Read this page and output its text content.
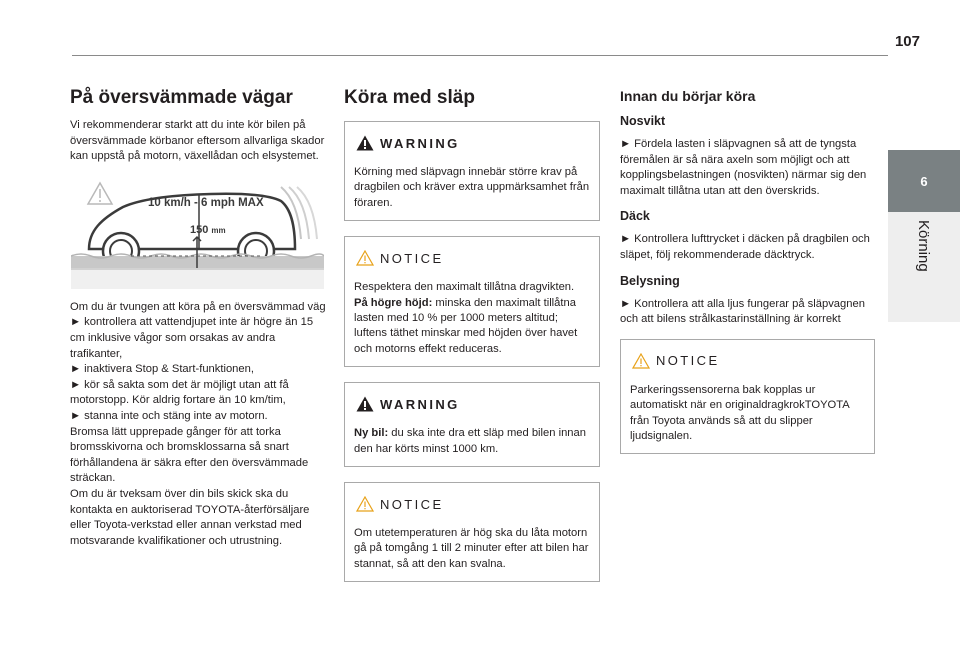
107
6
Körning
På översvämmade vägar

Vi rekommenderar starkt att du inte kör bilen på översvämmade körbanor eftersom allvarliga skador kan uppstå på motorn, växellådan och elsystemet.

10 km/h - 6 mph MAX
150 mm

Om du är tvungen att köra på en översvämmad väg

► kontrollera att vattendjupet inte är högre än 15 cm inklusive vågor som orsakas av andra trafikanter,

► inaktivera Stop & Start-funktionen,

► kör så sakta som det är möjligt utan att få motorstopp. Kör aldrig fortare än 10 km/tim,

► stanna inte och stäng inte av motorn.

Bromsa lätt upprepade gånger för att torka bromsskivorna och bromsklossarna så snart förhållandena är säkra efter den översvämmade sträckan.

Om du är tveksam över din bils skick ska du kontakta en auktoriserad TOYOTA-återförsäljare eller Toyota-verkstad eller annan verkstad med motsvarande kvalifikationer och utrustning.

Köra med släp
WARNING

Körning med släpvagn innebär större krav på dragbilen och kräver extra uppmärksamhet från föraren.

NOTICE

Respektera den maximalt tillåtna dragvikten.

På högre höjd: minska den maximalt tillåtna lasten med 10 % per 1000 meters altitud; luftens täthet minskar med höjden över havet och motorns effekt reduceras.

WARNING

Ny bil: du ska inte dra ett släp med bilen innan den har körts minst 1000 km.

NOTICE

Om utetemperaturen är hög ska du låta motorn gå på tomgång 1 till 2 minuter efter att bilen har stannat, så att den kan svalna.

Innan du börjar köra
Nosvikt

► Fördela lasten i släpvagnen så att de tyngsta föremålen är så nära axeln som möjligt och att kopplingsbelastningen (nosvikten) närmar sig den maximalt tillåtna utan att den överskrids.

Däck

► Kontrollera lufttrycket i däcken på dragbilen och släpet, följ rekommenderade däcktryck.

Belysning

► Kontrollera att alla ljus fungerar på släpvagnen och att bilens strålkastarinställning är korrekt

NOTICE

Parkeringssensorerna bak kopplas ur automatiskt när en originaldragkrokTOYOTA från Toyota används så att du slipper ljudsignalen.
